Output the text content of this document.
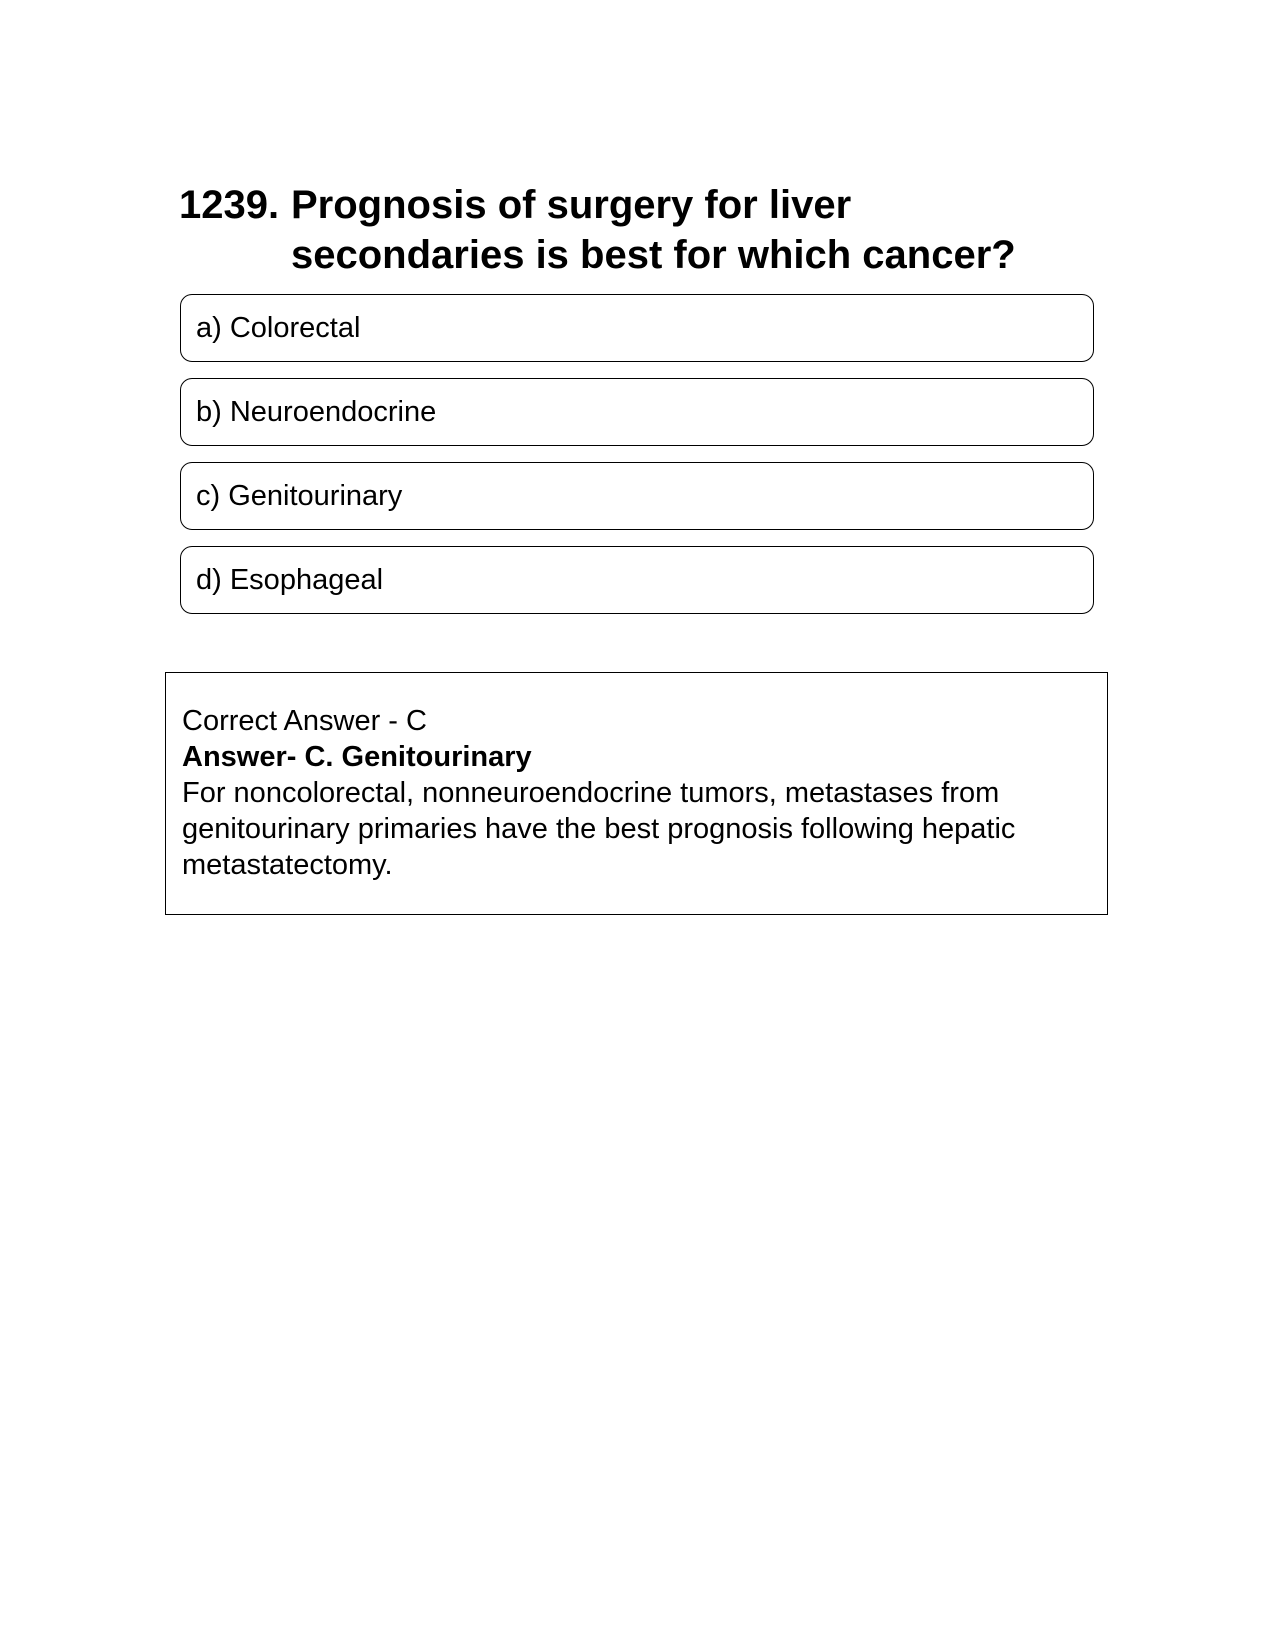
1239. Prognosis of surgery for liver secondaries is best for which cancer?
a) Colorectal
b) Neuroendocrine
c) Genitourinary
d) Esophageal

Correct Answer - C

Answer- C. Genitourinary

For noncolorectal, nonneuroendocrine tumors, metastases from genitourinary primaries have the best prognosis following hepatic metastatectomy.
